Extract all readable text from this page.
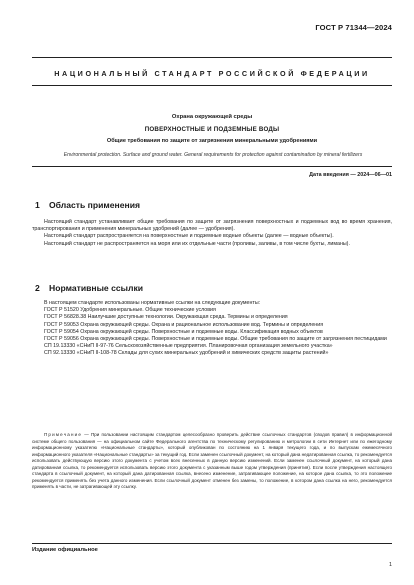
ГОСТ Р 71344—2024
НАЦИОНАЛЬНЫЙ СТАНДАРТ РОССИЙСКОЙ ФЕДЕРАЦИИ
Охрана окружающей среды
ПОВЕРХНОСТНЫЕ И ПОДЗЕМНЫЕ ВОДЫ
Общие требования по защите от загрязнения минеральными удобрениями
Environmental protection. Surface and ground water. General requirements for protection against contamination by mineral fertilizers
Дата введения — 2024—06—01
1 Область применения

Настоящий стандарт устанавливает общие требования по защите от загрязнения поверхностных и подземных вод во время хранения, транспортирования и применения минеральных удобрений (далее — удобрения).

Настоящий стандарт распространяется на поверхностные и подземные водные объекты (далее — водные объекты).

Настоящий стандарт не распространяется на моря или их отдельные части (проливы, заливы, в том числе бухты, лиманы).

2 Нормативные ссылки

В настоящем стандарте использованы нормативные ссылки на следующие документы:

ГОСТ Р 51520 Удобрения минеральные. Общие технические условия

ГОСТ Р 56828.38 Наилучшие доступные технологии. Окружающая среда. Термины и определения

ГОСТ Р 59053 Охрана окружающей среды. Охрана и рациональное использование вод. Термины и определения

ГОСТ Р 59054 Охрана окружающей среды. Поверхностные и подземные воды. Классификация водных объектов

ГОСТ Р 59056 Охрана окружающей среды. Поверхностные и подземные воды. Общие требования по защите от загрязнения пестицидами

СП 19.13330 «СНиП II-97-76 Сельскохозяйственные предприятия. Планировочная организация земельного участка»

СП 92.13330 «СНиП II-108-78 Склады для сухих минеральных удобрений и химических средств защиты растений»

Примечание — При пользовании настоящим стандартом целесообразно проверить действие ссылочных стандартов (сводов правил) в информационной системе общего пользования — на официальном сайте Федерального агентства по техническому регулированию и метрологии в сети Интернет или по ежегодному информационному указателю «Национальные стандарты», который опубликован по состоянию на 1 января текущего года, и по выпускам ежемесячного информационного указателя «Национальные стандарты» за текущий год. Если заменен ссылочный документ, на который дана недатированная ссылка, то рекомендуется использовать действующую версию этого документа с учетом всех внесенных в данную версию изменений. Если заменен ссылочный документ, на который дана датированная ссылка, то рекомендуется использовать версию этого документа с указанным выше годом утверждения (принятия). Если после утверждения настоящего стандарта в ссылочный документ, на который дана датированная ссылка, внесено изменение, затрагивающее положение, на которое дана ссылка, то это положение рекомендуется применять без учета данного изменения. Если ссылочный документ отменен без замены, то положение, в котором дана ссылка на него, рекомендуется применять в части, не затрагивающей эту ссылку.

Издание официальное
1
